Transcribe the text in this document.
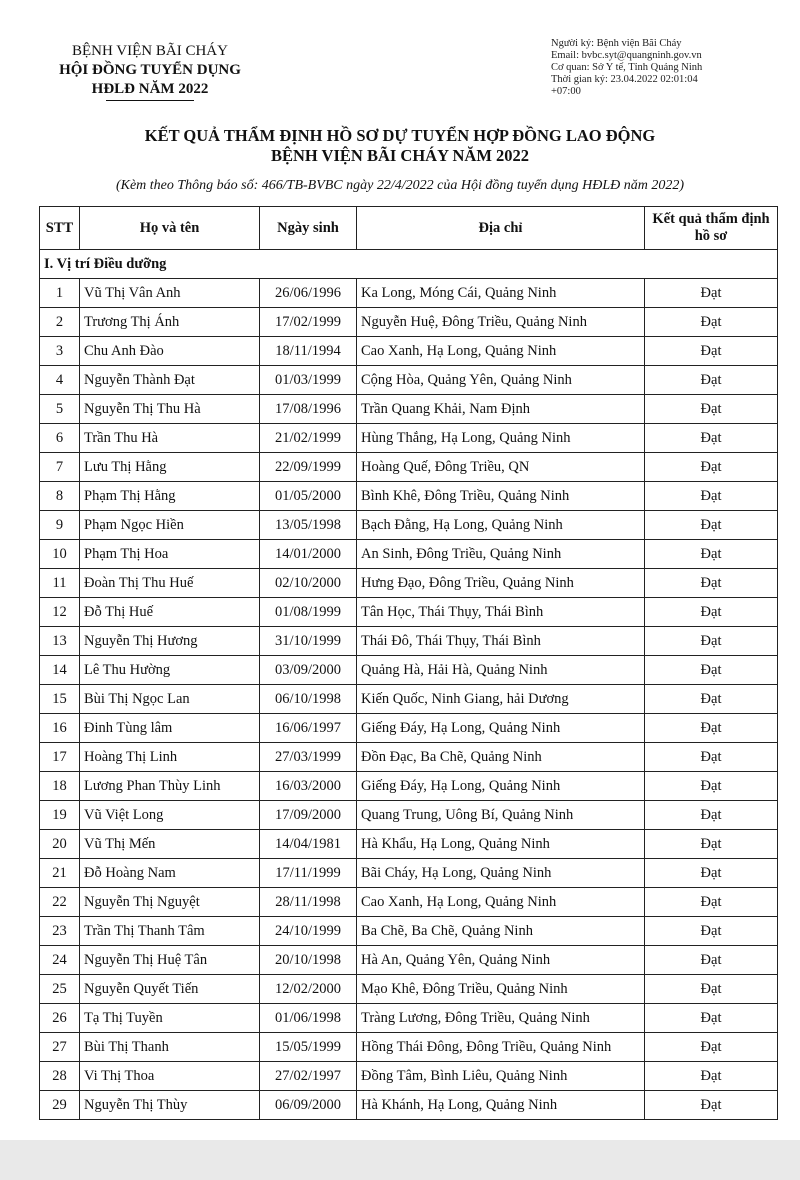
BỆNH VIỆN BÃI CHÁY
HỘI ĐỒNG TUYỂN DỤNG
HĐLĐ NĂM 2022
Người ký: Bệnh viện Bãi Cháy
Email: bvbc.syt@quangninh.gov.vn
Cơ quan: Sở Y tế, Tỉnh Quảng Ninh
Thời gian ký: 23.04.2022 02:01:04
+07:00
KẾT QUẢ THẨM ĐỊNH HỒ SƠ DỰ TUYỂN HỢP ĐỒNG LAO ĐỘNG
BỆNH VIỆN BÃI CHÁY NĂM 2022
(Kèm theo Thông báo số: 466/TB-BVBC ngày 22/4/2022 của Hội đồng tuyển dụng HĐLĐ năm 2022)
STT	Họ và tên	Ngày sinh	Địa chỉ	Kết quả thẩm định hồ sơ
I. Vị trí Điều dưỡng				
1	Vũ Thị Vân Anh	26/06/1996	Ka Long, Móng Cái, Quảng Ninh	Đạt
2	Trương Thị Ánh	17/02/1999	Nguyễn Huệ, Đông Triều, Quảng Ninh	Đạt
3	Chu Anh Đào	18/11/1994	Cao Xanh, Hạ Long, Quảng Ninh	Đạt
4	Nguyễn Thành Đạt	01/03/1999	Cộng Hòa, Quảng Yên, Quảng Ninh	Đạt
5	Nguyễn Thị Thu Hà	17/08/1996	Trần Quang Khải, Nam Định	Đạt
6	Trần Thu Hà	21/02/1999	Hùng Thắng, Hạ Long, Quảng Ninh	Đạt
7	Lưu Thị Hằng	22/09/1999	Hoàng Quế, Đông Triều, QN	Đạt
8	Phạm Thị Hằng	01/05/2000	Bình Khê, Đông Triều, Quảng Ninh	Đạt
9	Phạm Ngọc Hiền	13/05/1998	Bạch Đằng, Hạ Long, Quảng Ninh	Đạt
10	Phạm Thị Hoa	14/01/2000	An Sinh, Đông Triều, Quảng Ninh	Đạt
11	Đoàn Thị Thu Huế	02/10/2000	Hưng Đạo, Đông Triều, Quảng Ninh	Đạt
12	Đỗ Thị Huế	01/08/1999	Tân Học, Thái Thụy, Thái Bình	Đạt
13	Nguyễn Thị Hương	31/10/1999	Thái Đô, Thái Thụy, Thái Bình	Đạt
14	Lê Thu Hường	03/09/2000	Quảng Hà, Hải Hà, Quảng Ninh	Đạt
15	Bùi Thị Ngọc Lan	06/10/1998	Kiến Quốc, Ninh Giang, hải Dương	Đạt
16	Đinh Tùng lâm	16/06/1997	Giếng Đáy, Hạ Long, Quảng Ninh	Đạt
17	Hoàng Thị Linh	27/03/1999	Đồn Đạc, Ba Chẽ, Quảng Ninh	Đạt
18	Lương Phan Thùy Linh	16/03/2000	Giếng Đáy, Hạ Long, Quảng Ninh	Đạt
19	Vũ Việt Long	17/09/2000	Quang Trung, Uông Bí, Quảng Ninh	Đạt
20	Vũ Thị Mến	14/04/1981	Hà Khẩu, Hạ Long, Quảng Ninh	Đạt
21	Đỗ Hoàng Nam	17/11/1999	Bãi Cháy, Hạ Long, Quảng Ninh	Đạt
22	Nguyễn Thị Nguyệt	28/11/1998	Cao Xanh, Hạ Long, Quảng Ninh	Đạt
23	Trần Thị Thanh Tâm	24/10/1999	Ba Chẽ, Ba Chẽ, Quảng Ninh	Đạt
24	Nguyễn Thị Huệ Tân	20/10/1998	Hà An, Quảng Yên, Quảng Ninh	Đạt
25	Nguyễn Quyết Tiến	12/02/2000	Mạo Khê, Đông Triều, Quảng Ninh	Đạt
26	Tạ Thị Tuyền	01/06/1998	Tràng Lương, Đông Triều, Quảng Ninh	Đạt
27	Bùi Thị Thanh	15/05/1999	Hồng Thái Đông, Đông Triều, Quảng Ninh	Đạt
28	Vi Thị Thoa	27/02/1997	Đồng Tâm, Bình Liêu, Quảng Ninh	Đạt
29	Nguyễn Thị Thùy	06/09/2000	Hà Khánh, Hạ Long, Quảng Ninh	Đạt
